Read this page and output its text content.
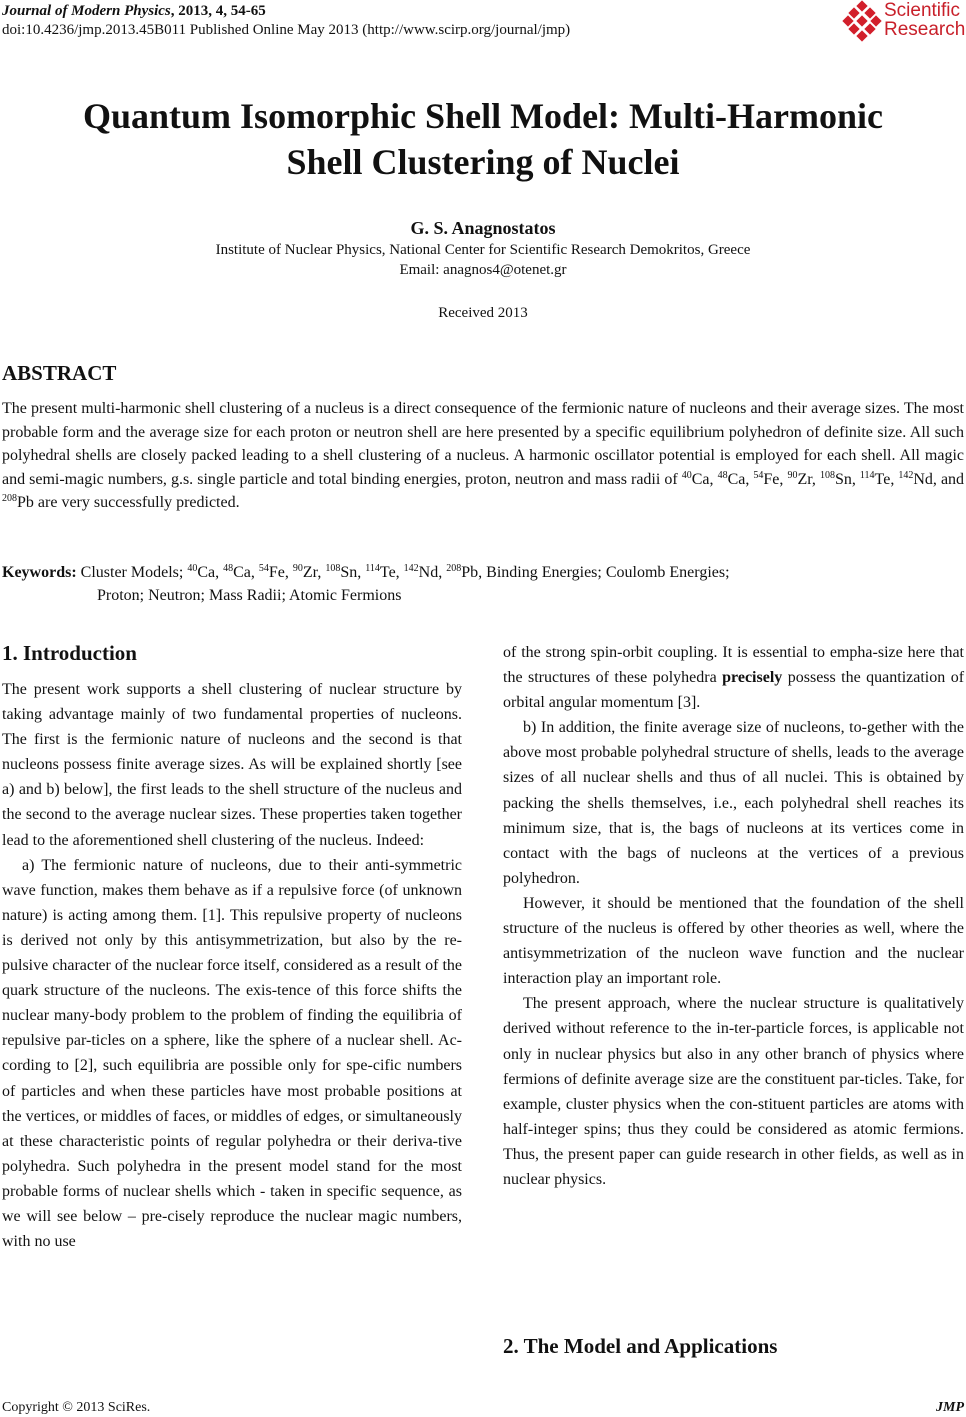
Journal of Modern Physics, 2013, 4, 54-65
doi:10.4236/jmp.2013.45B011 Published Online May 2013 (http://www.scirp.org/journal/jmp)
Scientific
Research
Quantum Isomorphic Shell Model: Multi-Harmonic
Shell Clustering of Nuclei
G. S. Anagnostatos
Institute of Nuclear Physics, National Center for Scientific Research Demokritos, Greece
Email: anagnos4@otenet.gr
Received 2013
ABSTRACT
The present multi-harmonic shell clustering of a nucleus is a direct consequence of the fermionic nature of nucleons and their average sizes. The most probable form and the average size for each proton or neutron shell are here presented by a specific equilibrium polyhedron of definite size. All such polyhedral shells are closely packed leading to a shell clustering of a nucleus. A harmonic oscillator potential is employed for each shell. All magic and semi-magic numbers, g.s. single particle and total binding energies, proton, neutron and mass radii of $^{40}$Ca, $^{48}$Ca, $^{54}$Fe, $^{90}$Zr, $^{108}$Sn, $^{114}$Te, $^{142}$Nd, and $^{208}$Pb are very successfully predicted.
Keywords: Cluster Models; $^{40}$Ca, $^{48}$Ca, $^{54}$Fe, $^{90}$Zr, $^{108}$Sn, $^{114}$Te, $^{142}$Nd, $^{208}$Pb, Binding Energies; Coulomb Energies;
Proton; Neutron; Mass Radii; Atomic Fermions
1. Introduction

The present work supports a shell clustering of nuclear structure by taking advantage mainly of two fundamental properties of nucleons. The first is the fermionic nature of nucleons and the second is that nucleons possess finite average sizes. As will be explained shortly [see a) and b) below], the first leads to the shell structure of the nucleus and the second to the average nuclear sizes. These properties taken together lead to the aforementioned shell clustering of the nucleus. Indeed:

a) The fermionic nature of nucleons, due to their anti-symmetric wave function, makes them behave as if a repulsive force (of unknown nature) is acting among them. [1]. This repulsive property of nucleons is derived not only by this antisymmetrization, but also by the re-pulsive character of the nuclear force itself, considered as a result of the quark structure of the nucleons. The exis-tence of this force shifts the nuclear many-body problem to the problem of finding the equilibria of repulsive par-ticles on a sphere, like the sphere of a nuclear shell. Ac-cording to [2], such equilibria are possible only for spe-cific numbers of particles and when these particles have most probable positions at the vertices, or middles of faces, or middles of edges, or simultaneously at these characteristic points of regular polyhedra or their deriva-tive polyhedra. Such polyhedra in the present model stand for the most probable forms of nuclear shells which - taken in specific sequence, as we will see below – pre-cisely reproduce the nuclear magic numbers, with no use

of the strong spin-orbit coupling. It is essential to empha-size here that the structures of these polyhedra precisely possess the quantization of orbital angular momentum [3].

b) In addition, the finite average size of nucleons, to-gether with the above most probable polyhedral structure of shells, leads to the average sizes of all nuclear shells and thus of all nuclei. This is obtained by packing the shells themselves, i.e., each polyhedral shell reaches its minimum size, that is, the bags of nucleons at its vertices come in contact with the bags of nucleons at the vertices of a previous polyhedron.

However, it should be mentioned that the foundation of the shell structure of the nucleus is offered by other theories as well, where the antisymmetrization of the nucleon wave function and the nuclear interaction play an important role.

The present approach, where the nuclear structure is qualitatively derived without reference to the in-ter-particle forces, is applicable not only in nuclear physics but also in any other branch of physics where fermions of definite average size are the constituent par-ticles. Take, for example, cluster physics when the con-stituent particles are atoms with half-integer spins; thus they could be considered as atomic fermions. Thus, the present paper can guide research in other fields, as well as in nuclear physics.

2. The Model and Applications
Copyright © 2013 SciRes.	JMP
